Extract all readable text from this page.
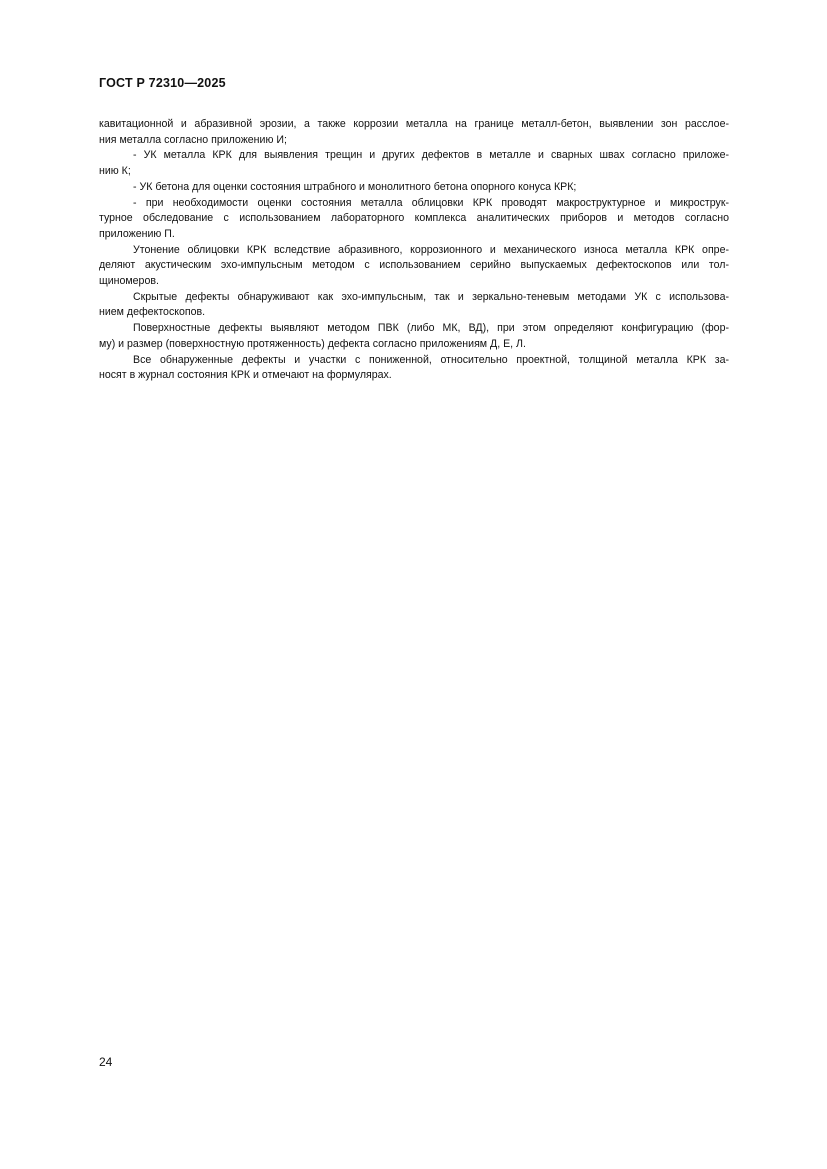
ГОСТ Р 72310—2025
кавитационной и абразивной эрозии, а также коррозии металла на границе металл-бетон, выявлении зон расслое-
ния металла согласно приложению И;
- УК металла КРК для выявления трещин и других дефектов в металле и сварных швах согласно приложе-
нию К;
- УК бетона для оценки состояния штрабного и монолитного бетона опорного конуса КРК;
- при необходимости оценки состояния металла облицовки КРК проводят макроструктурное и микрострук-
турное обследование с использованием лабораторного комплекса аналитических приборов и методов согласно
приложению П.
Утонение облицовки КРК вследствие абразивного, коррозионного и механического износа металла КРК опре-
деляют акустическим эхо-импульсным методом с использованием серийно выпускаемых дефектоскопов или тол-
щиномеров.
Скрытые дефекты обнаруживают как эхо-импульсным, так и зеркально-теневым методами УК с использова-
нием дефектоскопов.
Поверхностные дефекты выявляют методом ПВК (либо МК, ВД), при этом определяют конфигурацию (фор-
му) и размер (поверхностную протяженность) дефекта согласно приложениям Д, Е, Л.
Все обнаруженные дефекты и участки с пониженной, относительно проектной, толщиной металла КРК за-
носят в журнал состояния КРК и отмечают на формулярах.
24
